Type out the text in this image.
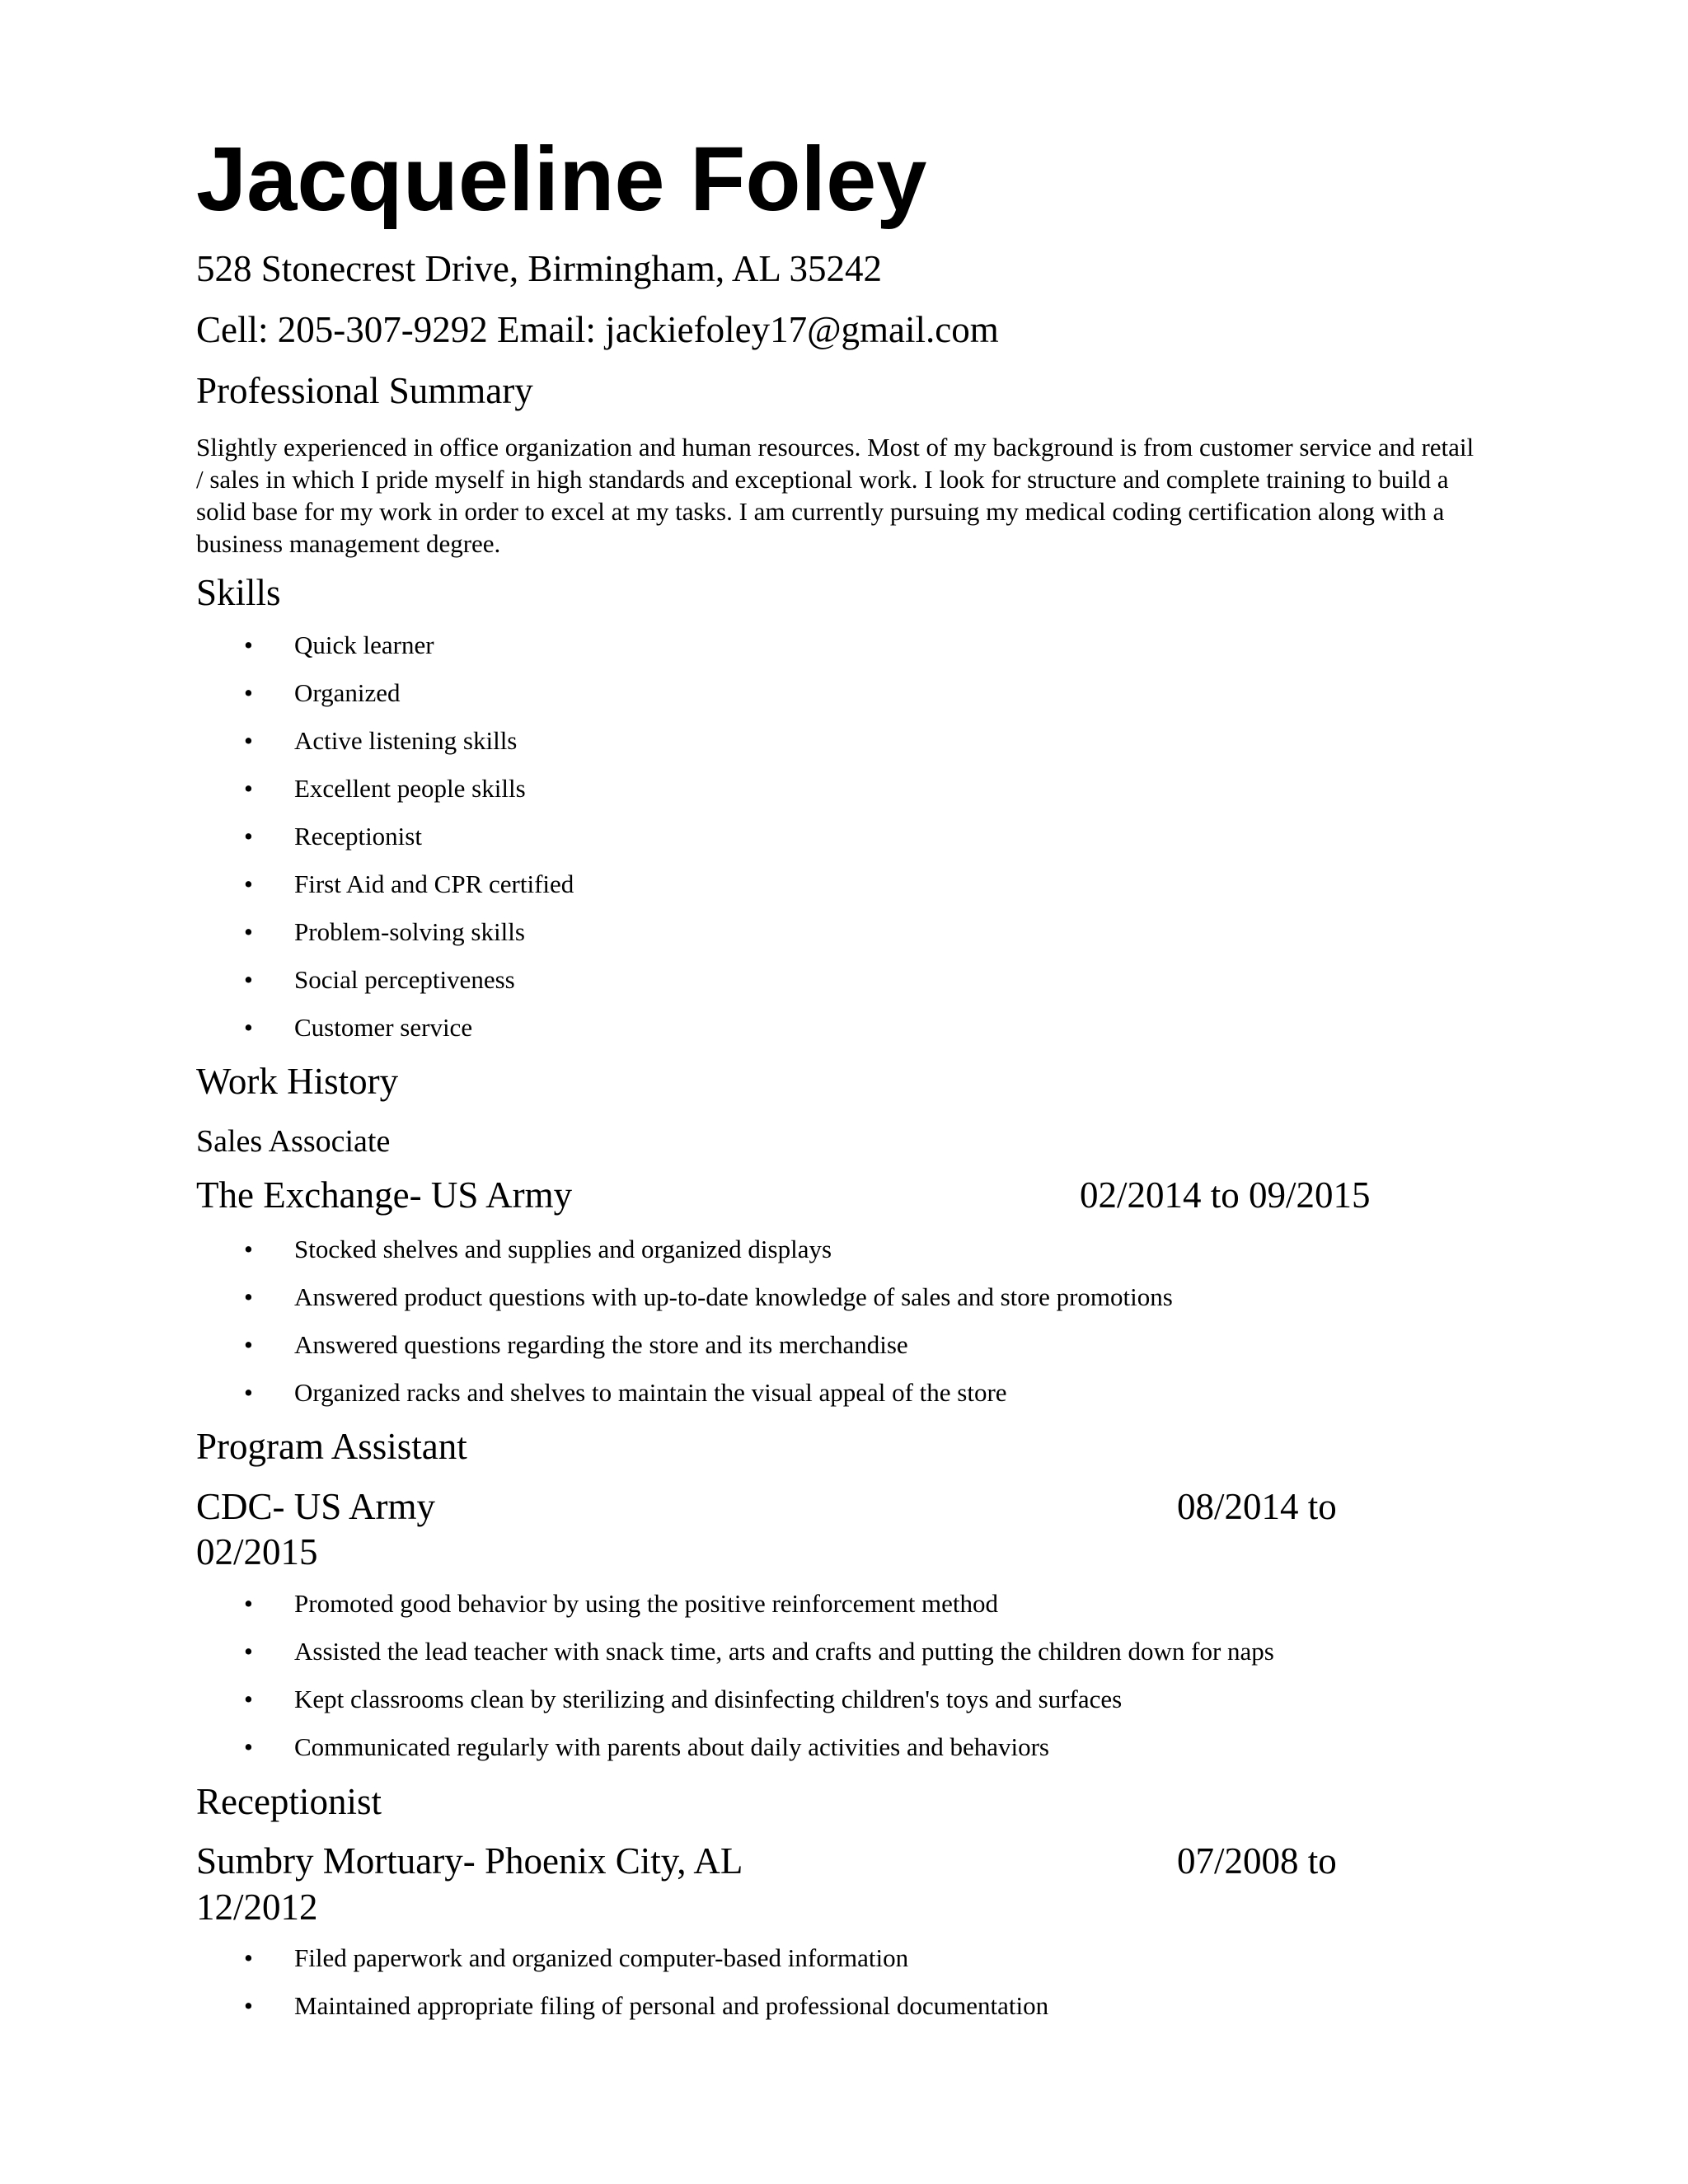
Jacqueline Foley
528 Stonecrest Drive, Birmingham, AL 35242
Cell: 205-307-9292 Email: jackiefoley17@gmail.com
Professional Summary

Slightly experienced in office organization and human resources. Most of my background is from customer service and retail / sales in which I pride myself in high standards and exceptional work. I look for structure and complete training to build a solid base for my work in order to excel at my tasks. I am currently pursuing my medical coding certification along with a business management degree.

Skills
• Quick learner
• Organized
• Active listening skills
• Excellent people skills
• Receptionist
• First Aid and CPR certified
• Problem-solving skills
• Social perceptiveness
• Customer service
Work History
Sales Associate
The Exchange- US Army	02/2014 to 09/2015
• Stocked shelves and supplies and organized displays
• Answered product questions with up-to-date knowledge of sales and store promotions
• Answered questions regarding the store and its merchandise
• Organized racks and shelves to maintain the visual appeal of the store
Program Assistant
CDC- US Army	08/2014 to
02/2015
• Promoted good behavior by using the positive reinforcement method
• Assisted the lead teacher with snack time, arts and crafts and putting the children down for naps
• Kept classrooms clean by sterilizing and disinfecting children's toys and surfaces
• Communicated regularly with parents about daily activities and behaviors
Receptionist
Sumbry Mortuary- Phoenix City, AL	07/2008 to
12/2012
• Filed paperwork and organized computer-based information
• Maintained appropriate filing of personal and professional documentation
